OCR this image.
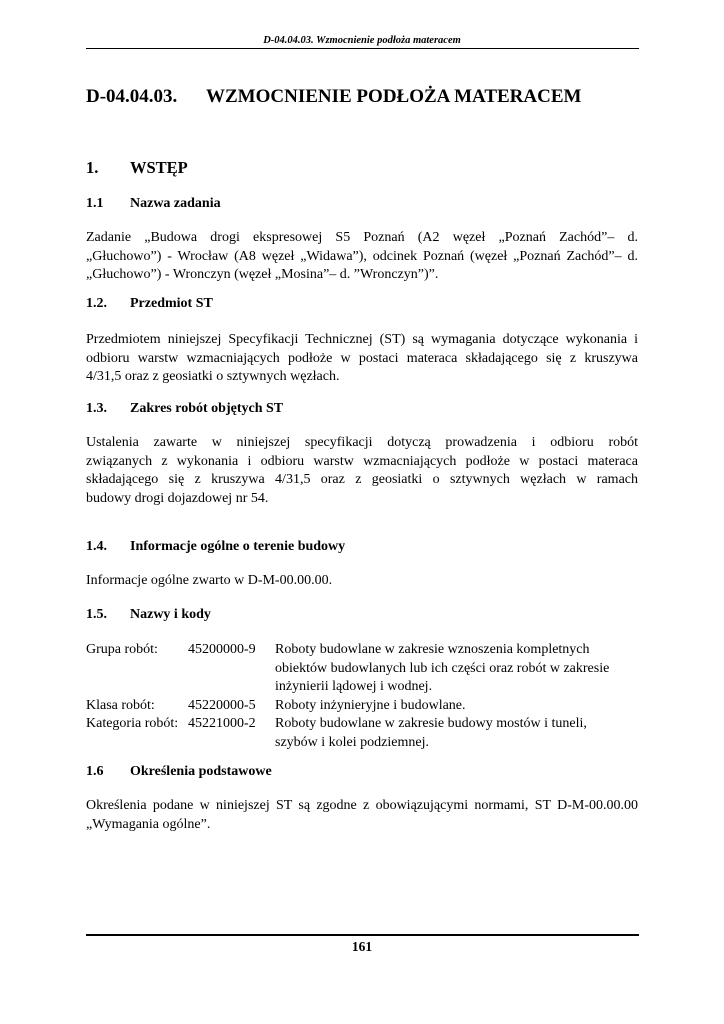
D-04.04.03. Wzmocnienie podłoża materacem
D-04.04.03. WZMOCNIENIE PODŁOŻA MATERACEM
1. WSTĘP
1.1 Nazwa zadania
Zadanie „Budowa drogi ekspresowej S5 Poznań (A2 węzeł „Poznań Zachód”– d.
„Głuchowo”) - Wrocław (A8 węzeł „Widawa”), odcinek Poznań (węzeł „Poznań Zachód”– d.
„Głuchowo”) - Wronczyn (węzeł „Mosina”– d. ”Wronczyn”)”.
1.2. Przedmiot ST
Przedmiotem niniejszej Specyfikacji Technicznej (ST) są wymagania dotyczące wykonania i
odbioru warstw wzmacniających podłoże w postaci materaca składającego się z kruszywa
4/31,5 oraz z geosiatki o sztywnych węzłach.
1.3. Zakres robót objętych ST
Ustalenia zawarte w niniejszej specyfikacji dotyczą prowadzenia i odbioru robót
związanych z wykonania i odbioru warstw wzmacniających podłoże w postaci materaca
składającego się z kruszywa 4/31,5 oraz z geosiatki o sztywnych węzłach w ramach
budowy drogi dojazdowej nr 54.
1.4. Informacje ogólne o terenie budowy
Informacje ogólne zwarto w D-M-00.00.00.
1.5. Nazwy i kody
Grupa robót:	45200000-9	Roboty budowlane w zakresie wznoszenia kompletnych
obiektów budowlanych lub ich części oraz robót w zakresie
inżynierii lądowej i wodnej.
Klasa robót:	45220000-5	Roboty inżynieryjne i budowlane.
Kategoria robót: 45221000-2	Roboty budowlane w zakresie budowy mostów i tuneli,
szybów i kolei podziemnej.
1.6 Określenia podstawowe
Określenia podane w niniejszej ST są zgodne z obowiązującymi normami, ST D-M-00.00.00
„Wymagania ogólne”.
161
